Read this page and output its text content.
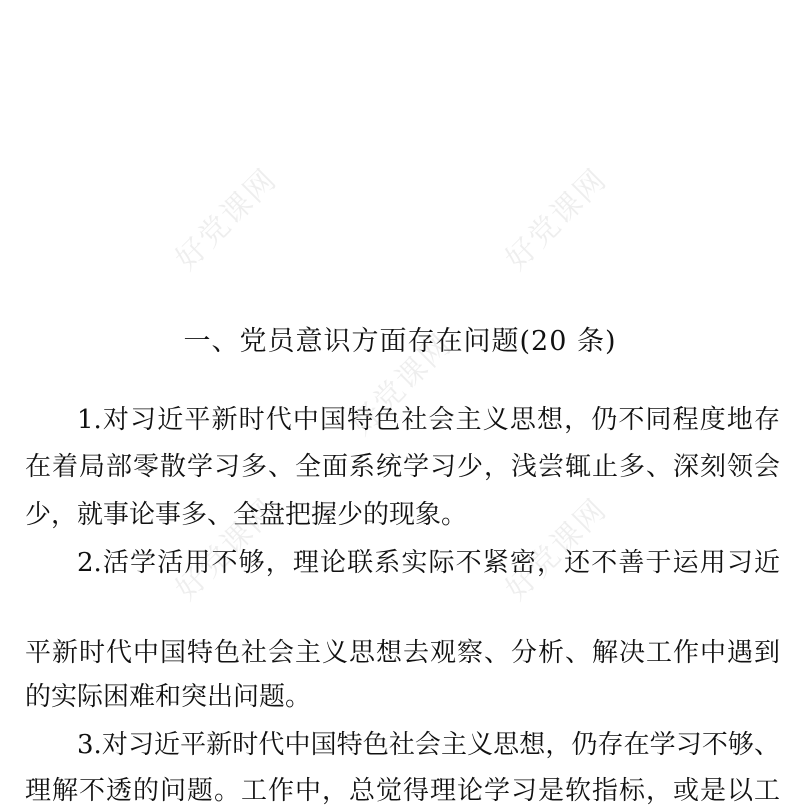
好党课网	好党课网
好党课网
好党课网	好党课网
一、党员意识方面存在问题(20 条)
1.对习近平新时代中国特色社会主义思想，仍不同程度地存
在着局部零散学习多、全面系统学习少，浅尝辄止多、深刻领会
少，就事论事多、全盘把握少的现象。
2.活学活用不够，理论联系实际不紧密，还不善于运用习近
平新时代中国特色社会主义思想去观察、分析、解决工作中遇到
的实际困难和突出问题。
3.对习近平新时代中国特色社会主义思想，仍存在学习不够、
理解不透的问题。工作中，总觉得理论学习是软指标，或是以工
